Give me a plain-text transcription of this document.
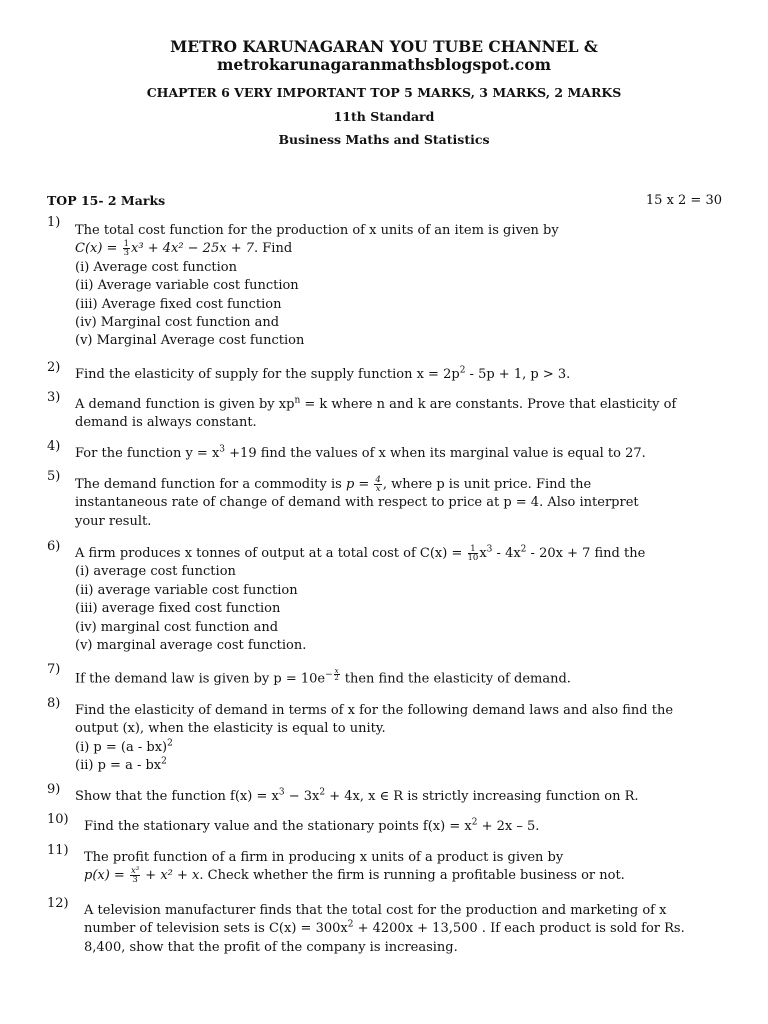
METRO KARUNAGARAN YOU TUBE CHANNEL &
metrokarunagaranmathsblogspot.com
CHAPTER 6 VERY IMPORTANT TOP 5 MARKS, 3 MARKS, 2 MARKS
11th Standard
Business Maths and Statistics
TOP 15- 2 Marks	15 x 2 = 30
1)
The total cost function for the production of x units of an item is given by
$C(x) = \frac{1}{3} x^3 + 4x^2 - 25x + 7$. Find
(i) Average cost function
(ii) Average variable cost function
(iii) Average fixed cost function
(iv) Marginal cost function and
(v) Marginal Average cost function
2) Find the elasticity of supply for the supply function $x = 2p^2 - 5p + 1$, p > 3.
3) A demand function is given by $xp^n = k$ where n and k are constants. Prove that elasticity of
demand is always constant.
4) For the function $y = x^3 +19$ find the values of x when its marginal value is equal to 27.
5)
The demand function for a commodity is $p = \frac{4}{x}$ , where p is unit price. Find the
instantaneous rate of change of demand with respect to price at p = 4. Also interpret
your result.
6) A firm produces x tonnes of output at a total cost of $C(x) = \frac{1}{10} x^3 - 4x^2 - 20x + 7$ find the
(i) average cost function
(ii) average variable cost function
(iii) average fixed cost function
(iv) marginal cost function and
(v) marginal average cost function.
7)
If the demand law is given by $p = 10e^{- \frac{x}{2}}$ then find the elasticity of demand.
8) Find the elasticity of demand in terms of x for the following demand laws and also find the
output (x), when the elasticity is equal to unity.
(i) p = (a - bx)$^2$
(ii) $p = a - bx^2$
9) Show that the function $f(x) = x^3 - 3x^2 + 4x$, x ∈ R is strictly increasing function on R.
10) Find the stationary value and the stationary points $f(x) = x^2 + 2x - 5$.
11) The profit function of a firm in producing x units of a product is given by
$p(x) = \frac{\text{x³}}{3} + x^2 + x$. Check whether the firm is running a profitable business or not.
12) A television manufacturer finds that the total cost for the production and marketing of x
number of television sets is $C(x) = 300x^2 + 4200x + 13,500$ . If each product is sold for Rs.
8,400, show that the profit of the company is increasing.
